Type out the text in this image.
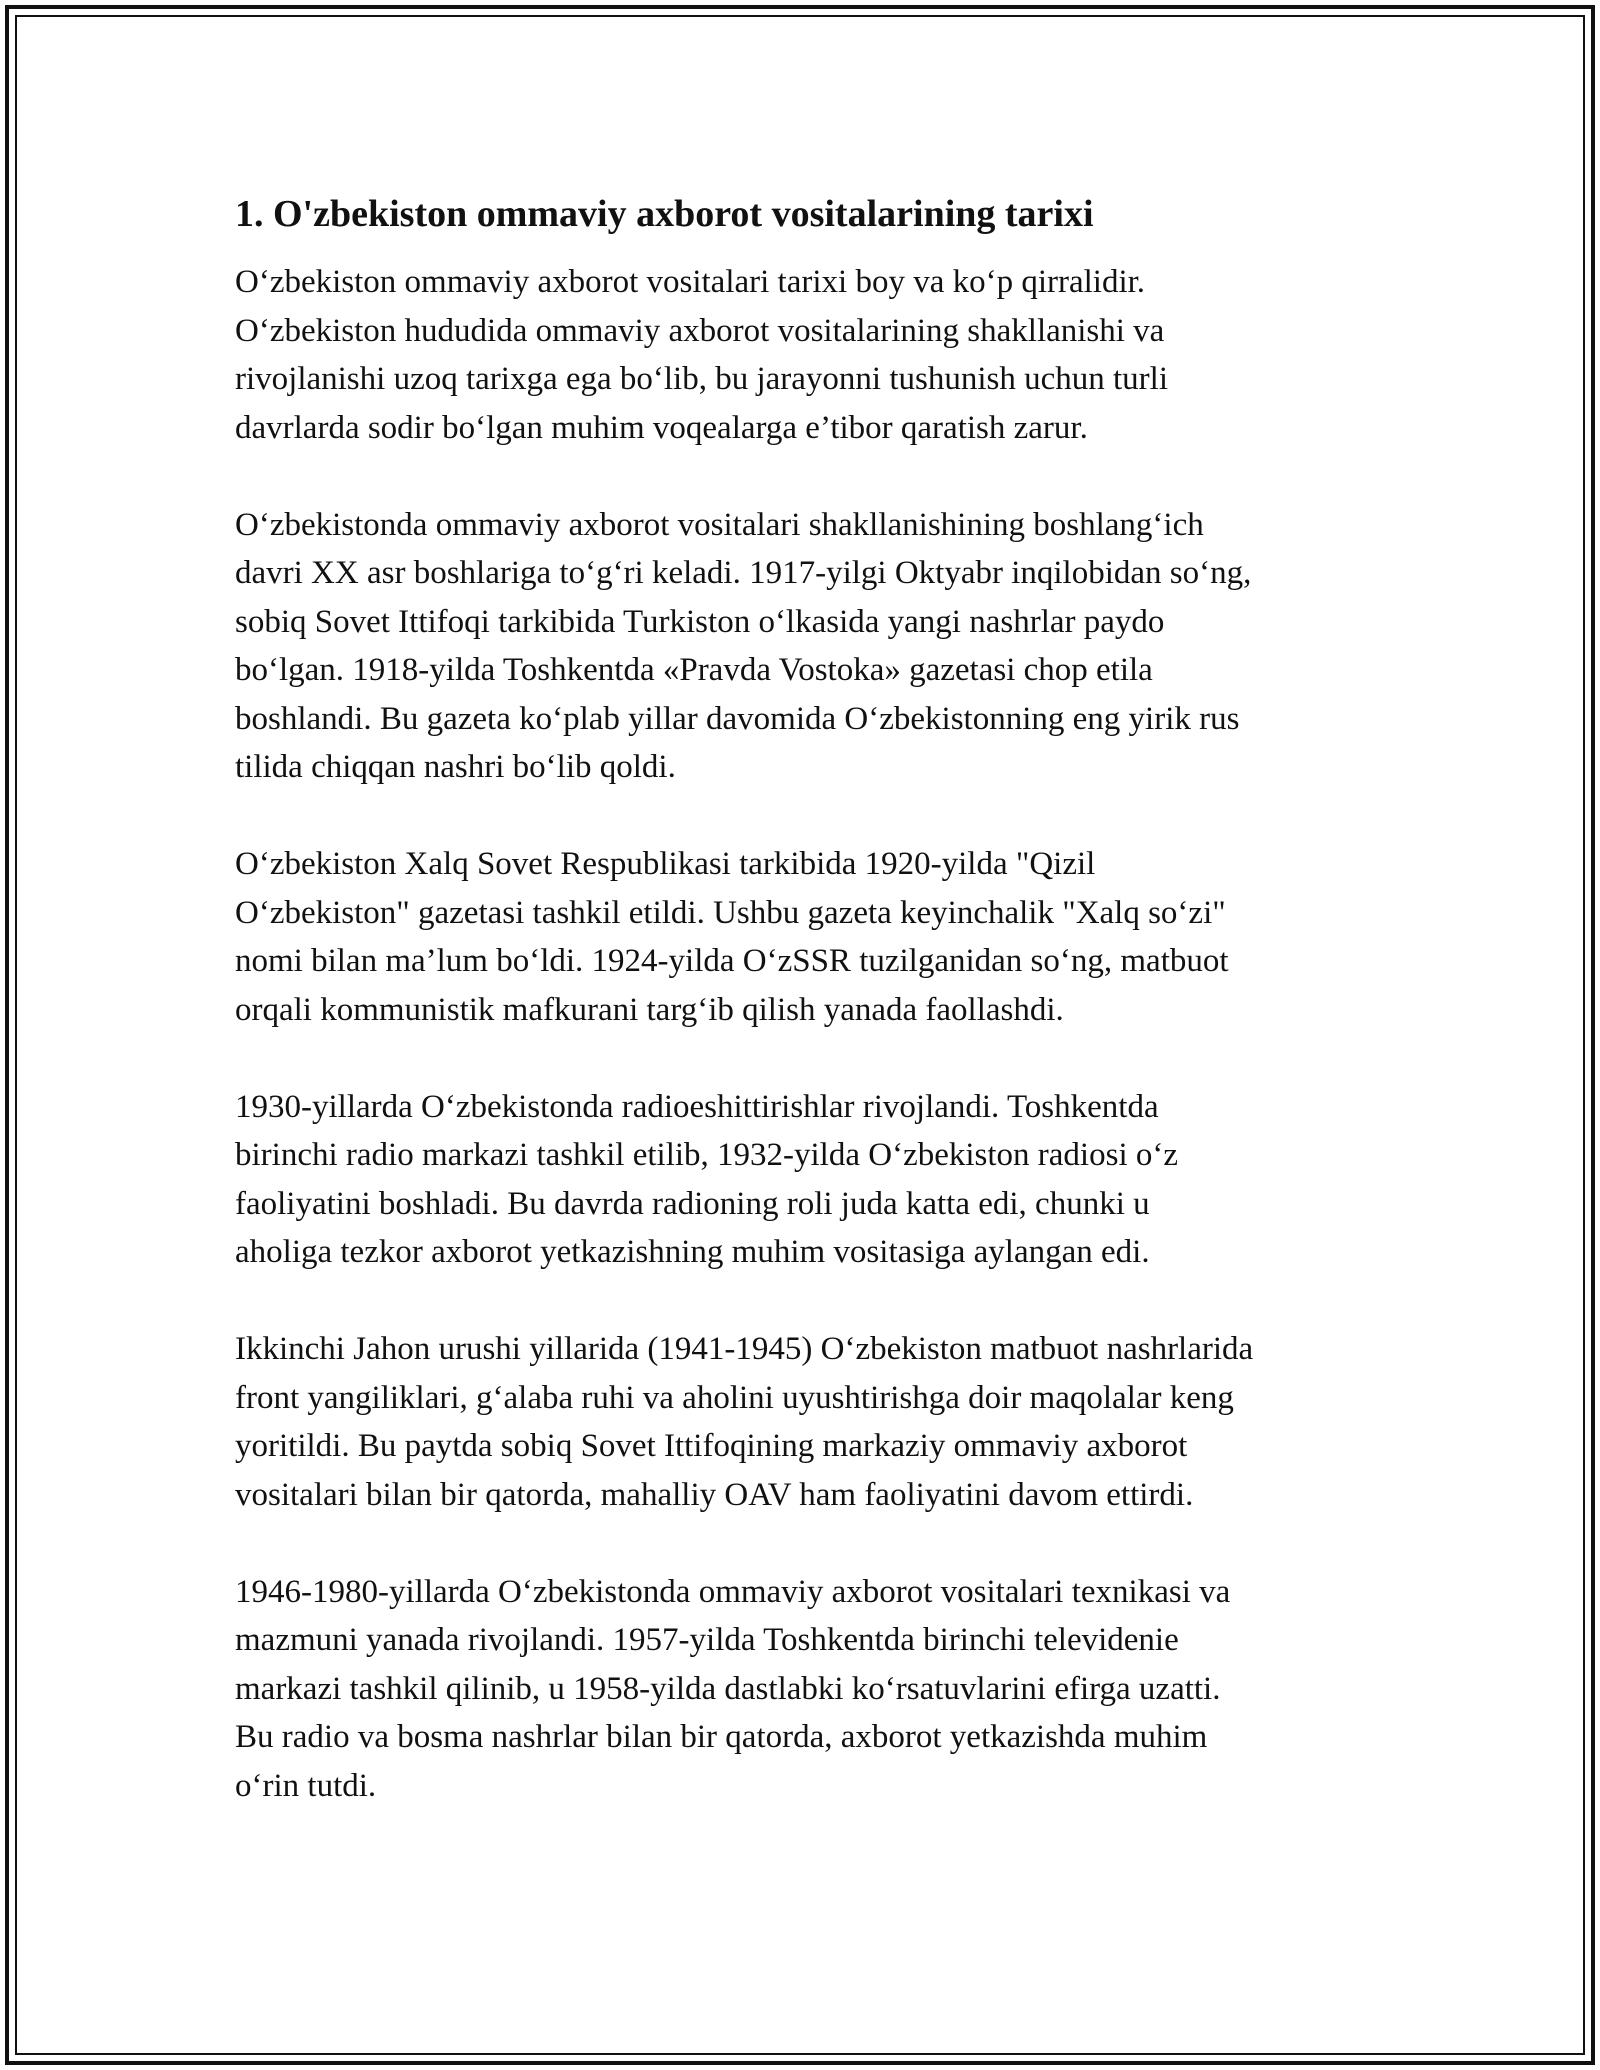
1. O'zbekiston ommaviy axborot vositalarining tarixi

O‘zbekiston ommaviy axborot vositalari tarixi boy va ko‘p qirralidir.
O‘zbekiston hududida ommaviy axborot vositalarining shakllanishi va
rivojlanishi uzoq tarixga ega bo‘lib, bu jarayonni tushunish uchun turli
davrlarda sodir bo‘lgan muhim voqealarga e’tibor qaratish zarur.

O‘zbekistonda ommaviy axborot vositalari shakllanishining boshlang‘ich
davri XX asr boshlariga to‘g‘ri keladi. 1917-yilgi Oktyabr inqilobidan so‘ng,
sobiq Sovet Ittifoqi tarkibida Turkiston o‘lkasida yangi nashrlar paydo
bo‘lgan. 1918-yilda Toshkentda «Pravda Vostoka» gazetasi chop etila
boshlandi. Bu gazeta ko‘plab yillar davomida O‘zbekistonning eng yirik rus
tilida chiqqan nashri bo‘lib qoldi.

O‘zbekiston Xalq Sovet Respublikasi tarkibida 1920-yilda "Qizil
O‘zbekiston" gazetasi tashkil etildi. Ushbu gazeta keyinchalik "Xalq so‘zi"
nomi bilan ma’lum bo‘ldi. 1924-yilda O‘zSSR tuzilganidan so‘ng, matbuot
orqali kommunistik mafkurani targ‘ib qilish yanada faollashdi.

1930-yillarda O‘zbekistonda radioeshittirishlar rivojlandi. Toshkentda
birinchi radio markazi tashkil etilib, 1932-yilda O‘zbekiston radiosi o‘z
faoliyatini boshladi. Bu davrda radioning roli juda katta edi, chunki u
aholiga tezkor axborot yetkazishning muhim vositasiga aylangan edi.

Ikkinchi Jahon urushi yillarida (1941-1945) O‘zbekiston matbuot nashrlarida
front yangiliklari, g‘alaba ruhi va aholini uyushtirishga doir maqolalar keng
yoritildi. Bu paytda sobiq Sovet Ittifoqining markaziy ommaviy axborot
vositalari bilan bir qatorda, mahalliy OAV ham faoliyatini davom ettirdi.

1946-1980-yillarda O‘zbekistonda ommaviy axborot vositalari texnikasi va
mazmuni yanada rivojlandi. 1957-yilda Toshkentda birinchi televidenie
markazi tashkil qilinib, u 1958-yilda dastlabki ko‘rsatuvlarini efirga uzatti.
Bu radio va bosma nashrlar bilan bir qatorda, axborot yetkazishda muhim
o‘rin tutdi.
